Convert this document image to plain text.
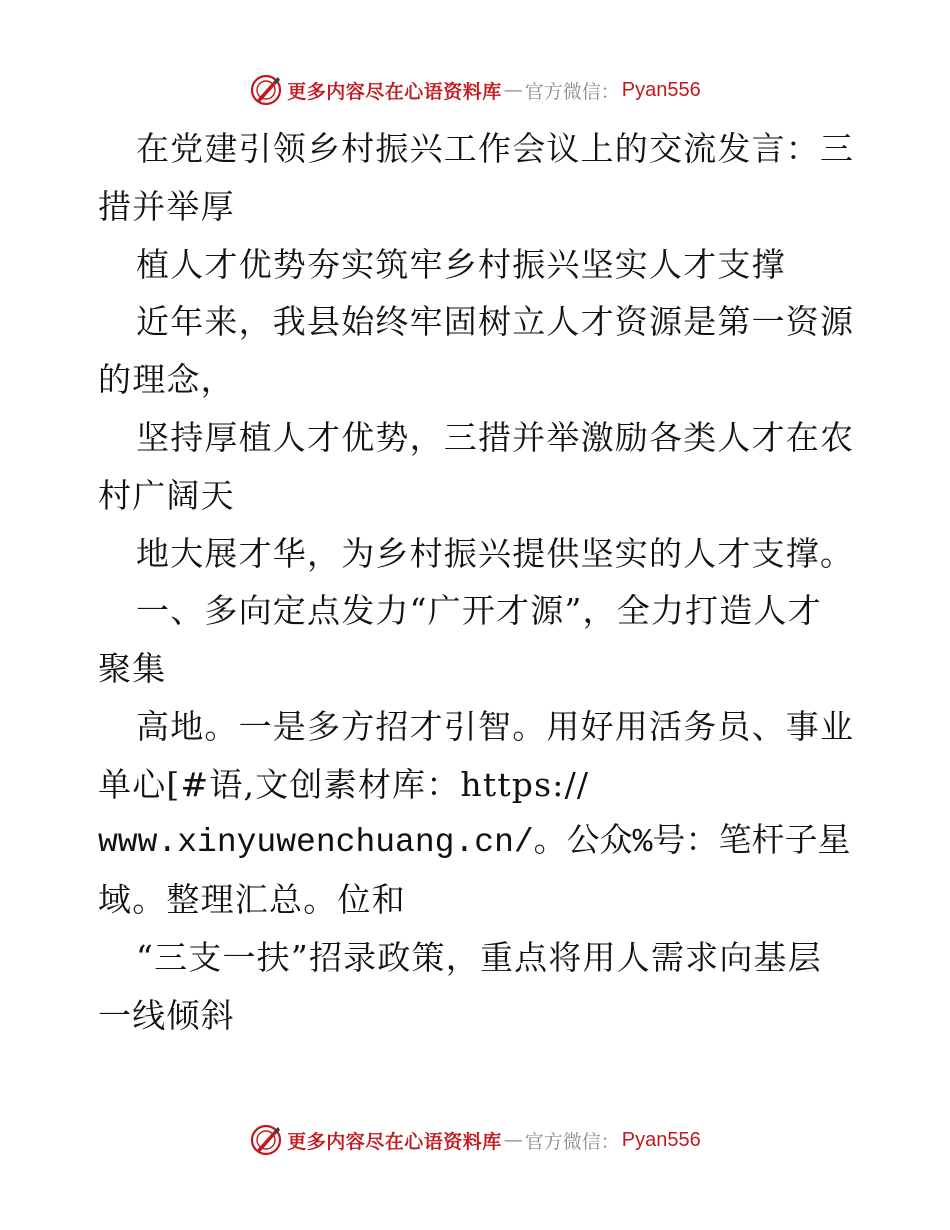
更多内容尽在心语资料库 — 官方微信： Pyan556
在党建引领乡村振兴工作会议上的交流发言：三
措并举厚
植人才优势夯实筑牢乡村振兴坚实人才支撑
近年来，我县始终牢固树立人才资源是第一资源
的理念，
坚持厚植人才优势，三措并举激励各类人才在农
村广阔天
地大展才华，为乡村振兴提供坚实的人才支撑。
一、多向定点发力“广开才源”，全力打造人才
聚集
高地。一是多方招才引智。用好用活务员、事业
单心[#语,文创素材库：https://
www.xinyuwenchuang.cn/。公众%号：笔杆子星
域。整理汇总。位和
“三支一扶”招录政策，重点将用人需求向基层
一线倾斜
更多内容尽在心语资料库 — 官方微信： Pyan556
